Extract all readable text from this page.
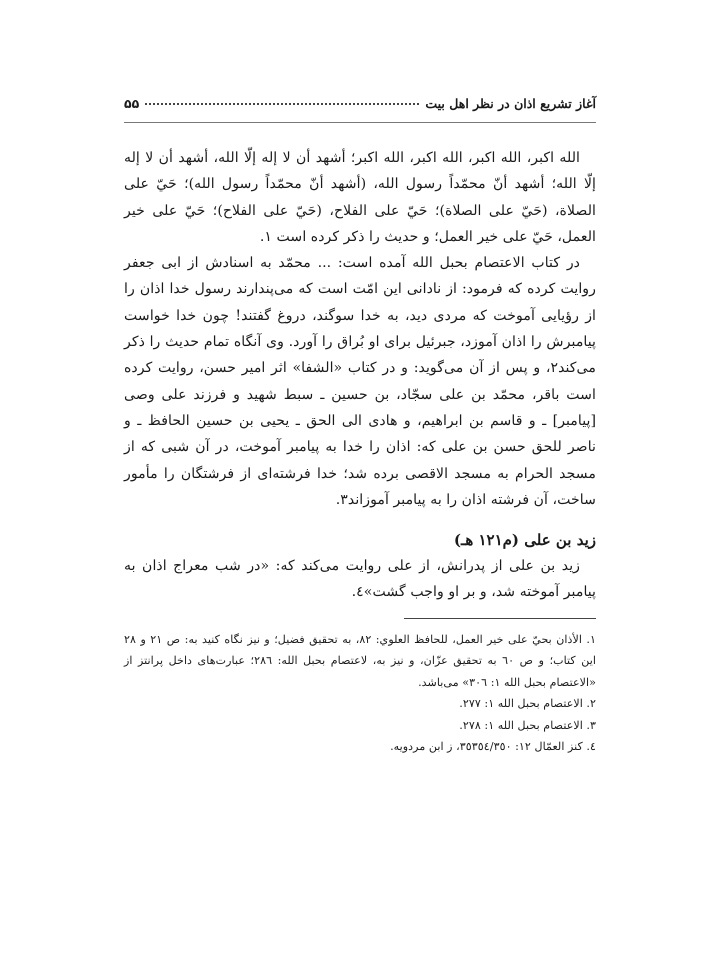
آغاز تشریع اذان در نظر اهل بیت
۵۵

الله اکبر، الله اکبر، الله اکبر، الله اکبر؛ أشهد أن لا إله إلّا الله، أشهد أن لا إله إلّا الله؛ أشهد أنّ محمّداً رسول الله، (أشهد أنّ محمّداً رسول الله)؛ حَيّ علی الصلاة، (حَيّ علی الصلاة)؛ حَيّ علی الفلاح، (حَيّ علی الفلاح)؛ حَيّ علی خیر العمل، حَيّ علی خیر العمل؛ و حدیث را ذکر کرده است ١.

در کتاب الاعتصام بحبل الله آمده است: ... محمّد به اسنادش از ابی جعفر روایت کرده که فرمود: از نادانی این امّت است که می‌پندارند رسول خدا اذان را از رؤیایی آموخت که مردی دید، به خدا سوگند، دروغ گفتند! چون خدا خواست پیامبرش را اذان آموزد، جبرئیل برای او بُراق را آورد. وی آنگاه تمام حدیث را ذکر می‌کند٢، و پس از آن می‌گوید: و در کتاب «الشفا» اثر امیر حسن، روایت کرده است باقر، محمّد بن علی سجّاد، بن حسین ـ سبط شهید و فرزند علی وصی [پیامبر] ـ و قاسم بن ابراهیم، و هادی الی الحق ـ یحیی بن حسین الحافظ ـ و ناصر للحق حسن بن علی که: اذان را خدا به پیامبر آموخت، در آن شبی که از مسجد الحرام به مسجد الاقصی برده شد؛ خدا فرشته‌ای از فرشتگان را مأمور ساخت، آن فرشته اذان را به پیامبر آموزاند٣.

زید بن علی (م١٢١ هـ)

زید بن علی از پدرانش، از علی روایت می‌کند که: «در شب معراج اذان به پیامبر آموخته شد، و بر او واجب گشت»٤.

١. الأذان بحيّ علی خیر العمل، للحافظ العلوي: ٨٢، به تحقیق فضیل؛ و نیز نگاه کنید به: ص ٢١ و ٢٨ این کتاب؛ و ص ٦٠ به تحقیق عزّان، و نیز به، لاعتصام بحبل الله: ٢٨٦؛ عبارت‌های داخل پرانتز از «الاعتصام بحبل الله ١: ٣٠٦» می‌باشد.
٢. الاعتصام بحبل الله ١: ٢٧٧.
٣. الاعتصام بحبل الله ١: ٢٧٨.
٤. کنز العمّال ١٢: ٣٥٣٥٤/٣٥٠، ز ابن مردویه.
